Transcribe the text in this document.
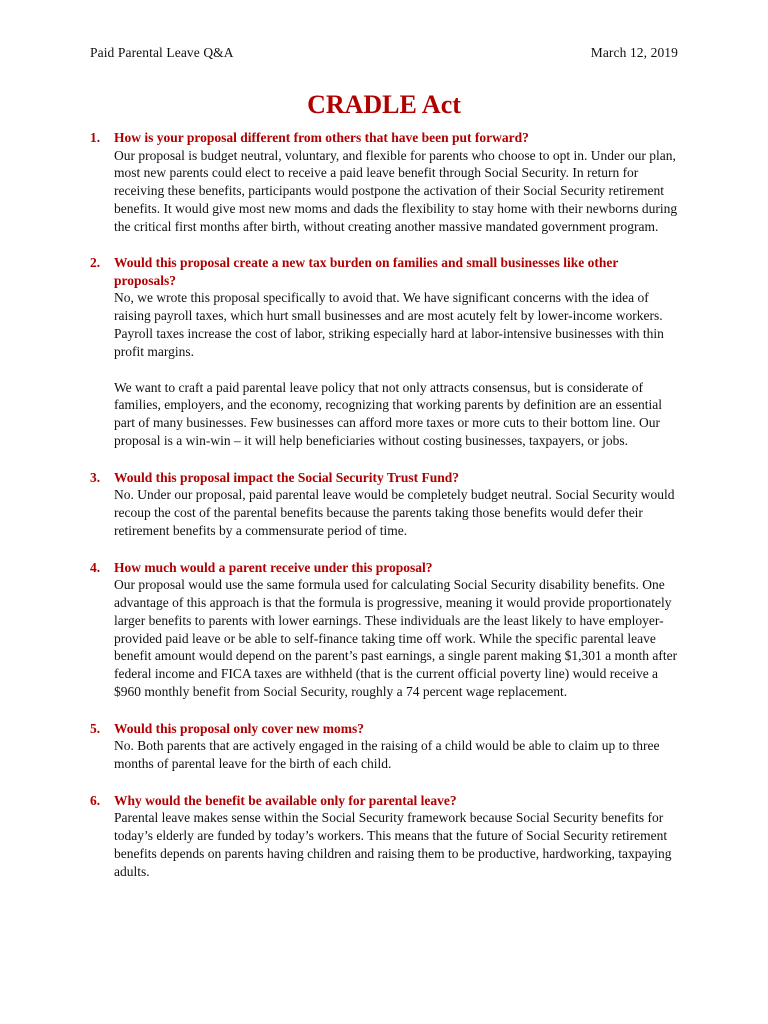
Paid Parental Leave Q&A	March 12, 2019
CRADLE Act
1. How is your proposal different from others that have been put forward?

Our proposal is budget neutral, voluntary, and flexible for parents who choose to opt in. Under our plan, most new parents could elect to receive a paid leave benefit through Social Security. In return for receiving these benefits, participants would postpone the activation of their Social Security retirement benefits. It would give most new moms and dads the flexibility to stay home with their newborns during the critical first months after birth, without creating another massive mandated government program.

2. Would this proposal create a new tax burden on families and small businesses like other proposals?

No, we wrote this proposal specifically to avoid that. We have significant concerns with the idea of raising payroll taxes, which hurt small businesses and are most acutely felt by lower-income workers. Payroll taxes increase the cost of labor, striking especially hard at labor-intensive businesses with thin profit margins.

We want to craft a paid parental leave policy that not only attracts consensus, but is considerate of families, employers, and the economy, recognizing that working parents by definition are an essential part of many businesses. Few businesses can afford more taxes or more cuts to their bottom line. Our proposal is a win-win – it will help beneficiaries without costing businesses, taxpayers, or jobs.

3. Would this proposal impact the Social Security Trust Fund?

No. Under our proposal, paid parental leave would be completely budget neutral. Social Security would recoup the cost of the parental benefits because the parents taking those benefits would defer their retirement benefits by a commensurate period of time.

4. How much would a parent receive under this proposal?

Our proposal would use the same formula used for calculating Social Security disability benefits. One advantage of this approach is that the formula is progressive, meaning it would provide proportionately larger benefits to parents with lower earnings. These individuals are the least likely to have employer-provided paid leave or be able to self-finance taking time off work. While the specific parental leave benefit amount would depend on the parent’s past earnings, a single parent making $1,301 a month after federal income and FICA taxes are withheld (that is the current official poverty line) would receive a $960 monthly benefit from Social Security, roughly a 74 percent wage replacement.

5. Would this proposal only cover new moms?

No. Both parents that are actively engaged in the raising of a child would be able to claim up to three months of parental leave for the birth of each child.

6. Why would the benefit be available only for parental leave?

Parental leave makes sense within the Social Security framework because Social Security benefits for today’s elderly are funded by today’s workers. This means that the future of Social Security retirement benefits depends on parents having children and raising them to be productive, hardworking, taxpaying adults.
